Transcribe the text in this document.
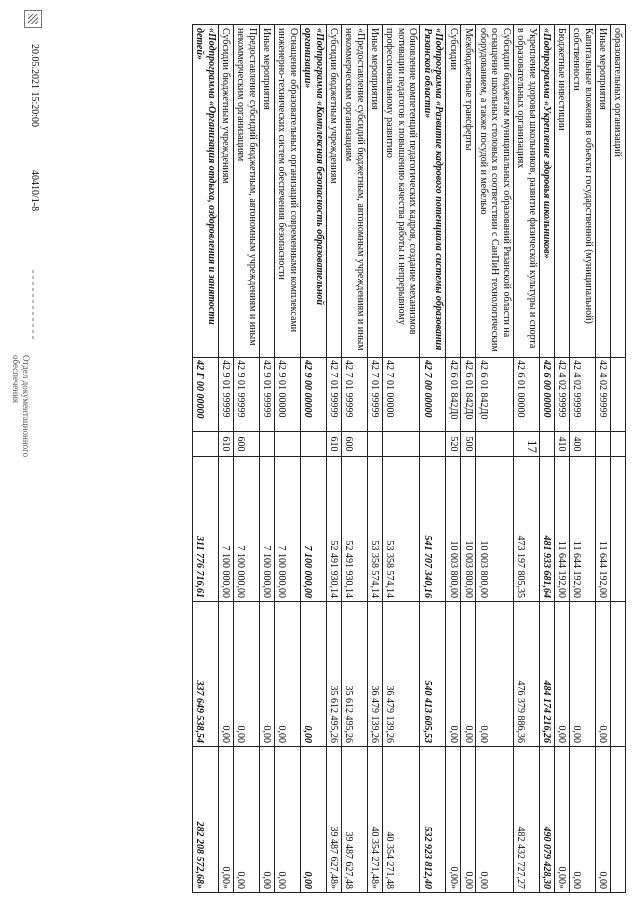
17
образовательных организаций					
Иные мероприятия	42 4 02 99999		11 644 192,00	0,00	0,00
Капитальные вложения в объекты государственной (муниципальной) собственности	42 4 02 99999	400	11 644 192,00	0,00	0,00
Бюджетные инвестиции	42 4 02 99999	410	11 644 192,00	0,00	0,00»
«Подпрограмма «Укрепление здоровья школьников»	42 6 00 00000		481 933 681,64	484 174 216,26	490 079 428,30
Укрепление здоровья школьников, развитие физической культуры и спорта в образовательных организациях	42 6 01 00000		473 197 805,35	476 379 886,36	482 432 727,27
Субсидии бюджетам муниципальных образований Рязанской области на оснащение школьных столовых в соответствии с СанПиН технологическим оборудованием, а также посудой и мебелью	42 6 01 842Д0		10 003 800,00	0,00	0,00
Межбюджетные трансферты	42 6 01 842Д0	500	10 003 800,00	0,00	0,00
Субсидии	42 6 01 842Д0	520	10 003 800,00	0,00	0,00»
«Подпрограмма «Развитие кадрового потенциала системы образования Рязанской области»	42 7 00 00000		541 707 340,16	540 413 605,53	532 923 812,40
Обновление компетенций педагогических кадров, создание механизмов мотивации педагогов к повышению качества работы и непрерывному профессиональному развитию	42 7 01 00000		53 358 574,14	36 479 139,26	40 354 271,48
Иные мероприятия	42 7 01 99999		53 358 574,14	36 479 139,26	40 354 271,48»
«Предоставление субсидий бюджетным, автономным учреждениям и иным некоммерческим организациям	42 7 01 99999	600	52 491 930,14	35 612 495,26	39 487 627,48
Субсидии бюджетным учреждениям	42 7 01 99999	610	52 491 930,14	35 612 495,26	39 487 627,48»
«Подпрограмма «Комплексная безопасность образовательной организации»	42 9 00 00000		7 100 000,00	0,00	0,00
Оснащение образовательных организаций современными комплексами инженерно-технических систем обеспечения безопасности	42 9 01 00000		7 100 000,00	0,00	0,00
Иные мероприятия	42 9 01 99999		7 100 000,00	0,00	0,00
Предоставление субсидий бюджетным, автономным учреждениям и иным некоммерческим организациям	42 9 01 99999	600	7 100 000,00	0,00	0,00
Субсидии бюджетным учреждениям	42 9 01 99999	610	7 100 000,00	0,00	0,00»
«Подпрограмма «Организация отдыха, оздоровления и занятости детей»	42 Г 00 00000		311 776 716,61	337 649 538,54	282 208 572,68»
20.05.2021 15:20:00
40410/1-8
Отдел документационного обеспечения
